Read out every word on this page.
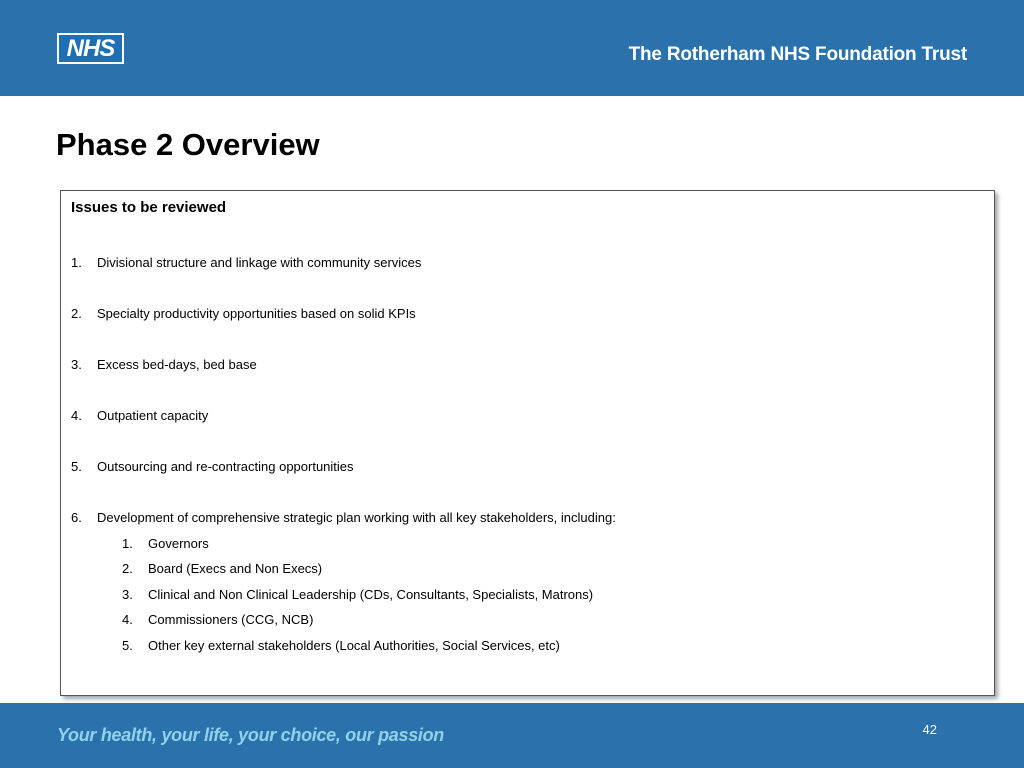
NHS	The Rotherham NHS Foundation Trust
Phase 2 Overview
Issues to be reviewed
1. Divisional structure and linkage with community services
2. Specialty productivity opportunities based on solid KPIs
3. Excess bed-days, bed base
4. Outpatient capacity
5. Outsourcing and re-contracting opportunities
6. Development of comprehensive strategic plan working with all key stakeholders, including:
1. Governors
2. Board (Execs and Non Execs)
3. Clinical and Non Clinical Leadership (CDs, Consultants, Specialists, Matrons)
4. Commissioners (CCG, NCB)
5. Other key external stakeholders (Local Authorities, Social Services, etc)
Your health, your life, your choice, our passion	42
